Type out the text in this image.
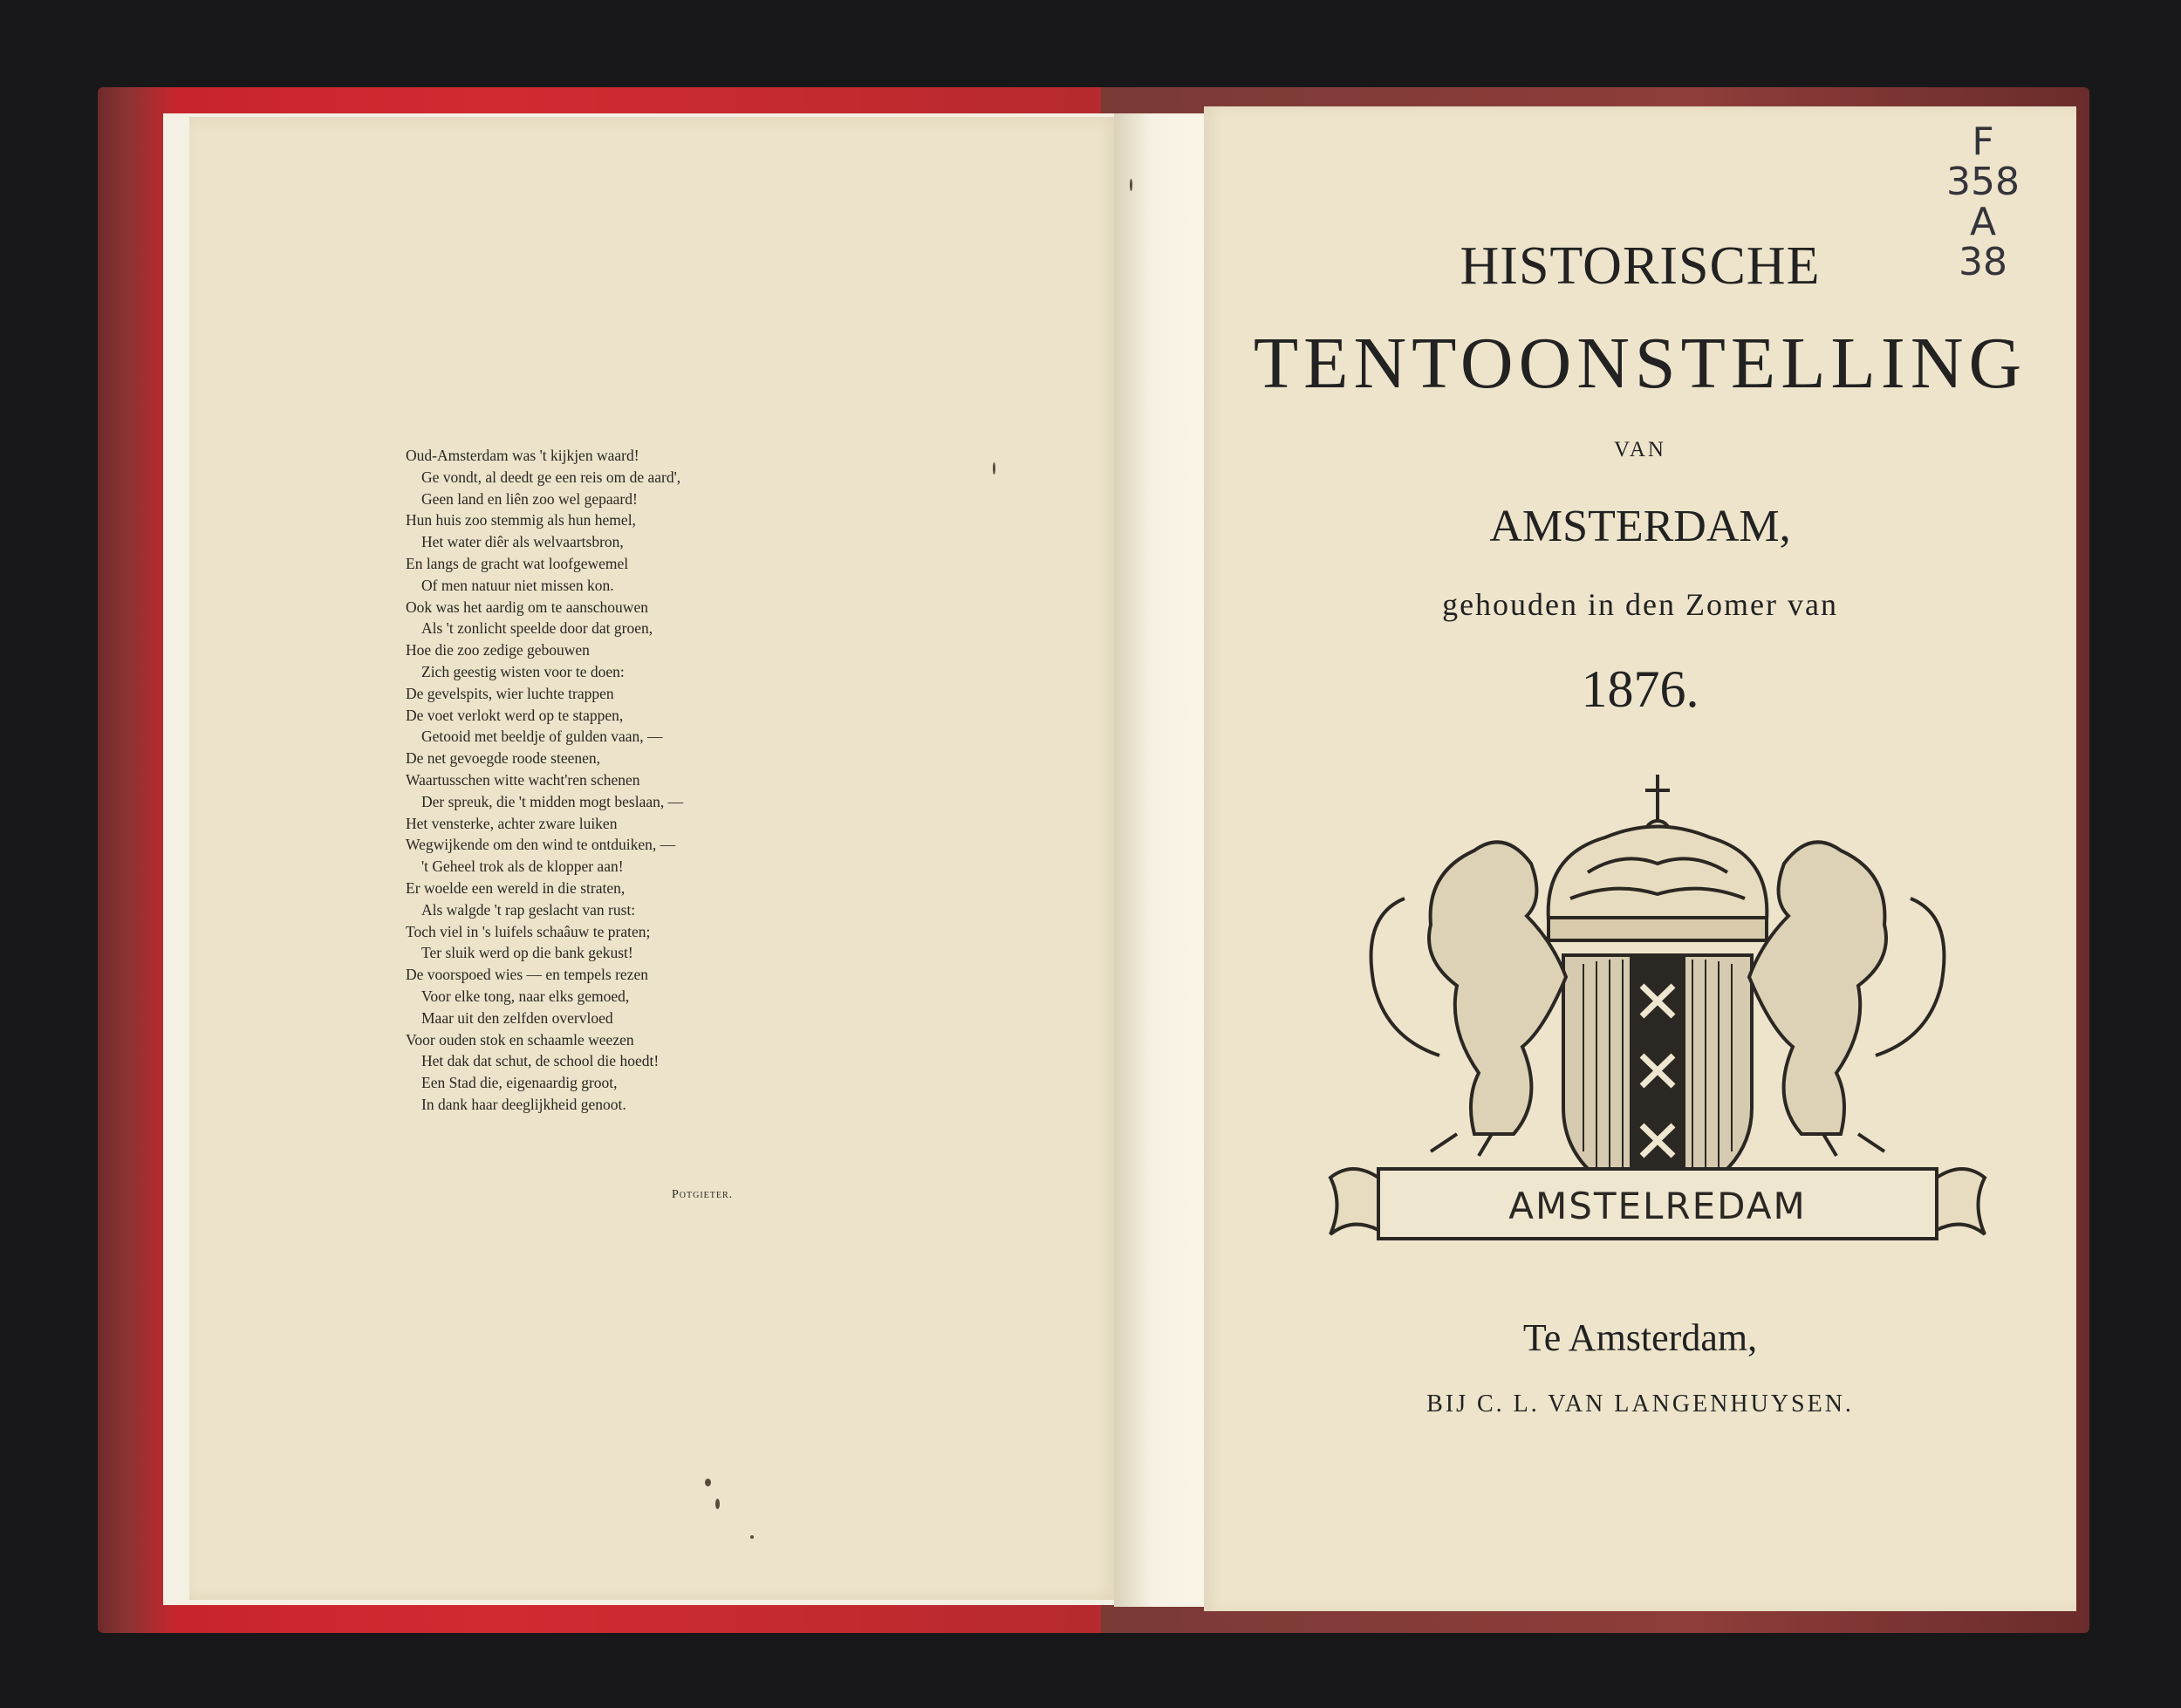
Oud-Amsterdam was 't kijkjen waard!
Ge vondt, al deedt ge een reis om de aard',
Geen land en liên zoo wel gepaard!
Hun huis zoo stemmig als hun hemel,
Het water diêr als welvaartsbron,
En langs de gracht wat loofgewemel
Of men natuur niet missen kon.
Ook was het aardig om te aanschouwen
Als 't zonlicht speelde door dat groen,
Hoe die zoo zedige gebouwen
Zich geestig wisten voor te doen:
De gevelspits, wier luchte trappen
De voet verlokt werd op te stappen,
Getooid met beeldje of gulden vaan, —
De net gevoegde roode steenen,
Waartusschen witte wacht'ren schenen
Der spreuk, die 't midden mogt beslaan, —
Het vensterke, achter zware luiken
Wegwijkende om den wind te ontduiken, —
't Geheel trok als de klopper aan!
Er woelde een wereld in die straten,
Als walgde 't rap geslacht van rust:
Toch viel in 's luifels schaâuw te praten;
Ter sluik werd op die bank gekust!
De voorspoed wies — en tempels rezen
Voor elke tong, naar elks gemoed,
Maar uit den zelfden overvloed
Voor ouden stok en schaamle weezen
Het dak dat schut, de school die hoedt!
Een Stad die, eigenaardig groot,
In dank haar deeglijkheid genoot.
Potgieter.
HISTORISCHE
TENTOONSTELLING
VAN
AMSTERDAM,
gehouden in den Zomer van
1876.
Te Amsterdam,
BIJ C. L. VAN LANGENHUYSEN.
F
358
A
38
AMSTELREDAM
